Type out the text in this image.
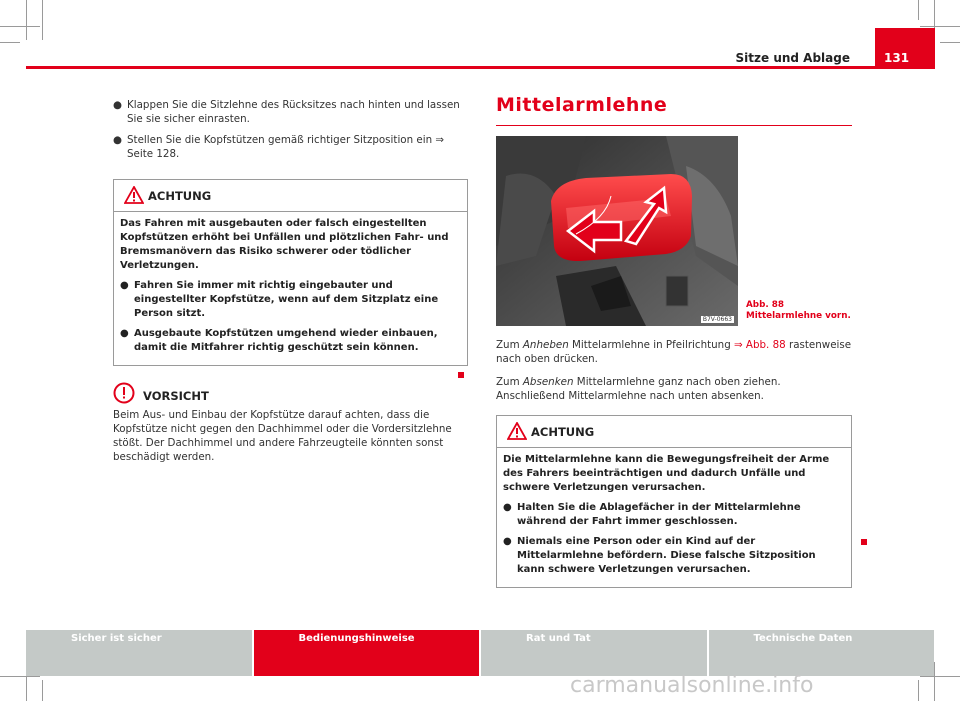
Sitze und Ablage	131
● Klappen Sie die Sitzlehne des Rücksitzes nach hinten und lassen Sie sie sicher einrasten.
● Stellen Sie die Kopfstützen gemäß richtiger Sitzposition ein ⇒ Seite 128.
ACHTUNG

Das Fahren mit ausgebauten oder falsch eingestellten Kopfstützen erhöht bei Unfällen und plötzlichen Fahr- und Bremsmanövern das Risiko schwerer oder tödlicher Verletzungen.

● Fahren Sie immer mit richtig eingebauter und eingestellter Kopfstütze, wenn auf dem Sitzplatz eine Person sitzt.
● Ausgebaute Kopfstützen umgehend wieder einbauen, damit die Mitfahrer richtig geschützt sein können.
VORSICHT
Beim Aus- und Einbau der Kopfstütze darauf achten, dass die Kopfstütze nicht gegen den Dachhimmel oder die Vordersitzlehne stößt. Der Dachhimmel und andere Fahrzeugteile könnten sonst beschädigt werden.
Mittelarmlehne
B7V-0663
Abb. 88 Mittelarmlehne vorn.

Zum Anheben Mittelarmlehne in Pfeilrichtung ⇒ Abb. 88 rastenweise nach oben drücken.

Zum Absenken Mittelarmlehne ganz nach oben ziehen. Anschließend Mittelarmlehne nach unten absenken.

ACHTUNG

Die Mittelarmlehne kann die Bewegungsfreiheit der Arme des Fahrers beeinträchtigen und dadurch Unfälle und schwere Verletzungen verursachen.

● Halten Sie die Ablagefächer in der Mittelarmlehne während der Fahrt immer geschlossen.
● Niemals eine Person oder ein Kind auf der Mittelarmlehne befördern. Diese falsche Sitzposition kann schwere Verletzungen verursachen.
Sicher ist sicher	Bedienungshinweise	Rat und Tat	Technische Daten
carmanualsonline.info
